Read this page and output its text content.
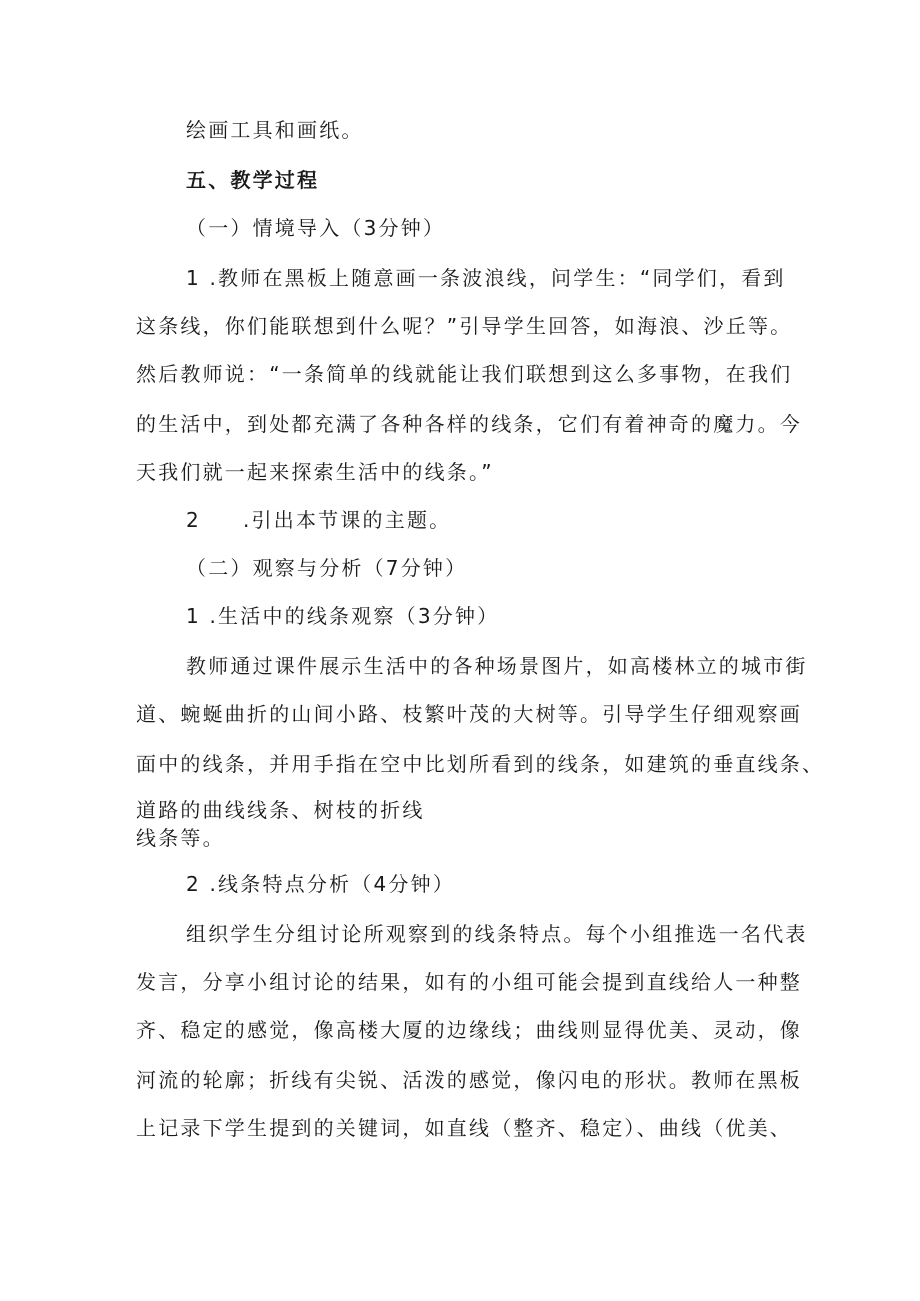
绘画工具和画纸。
五、教学过程
（一）情境导入（3分钟）
1 .教师在黑板上随意画一条波浪线，问学生：“同学们，看到
这条线，你们能联想到什么呢？”引导学生回答，如海浪、沙丘等。
然后教师说：“一条简单的线就能让我们联想到这么多事物，在我们
的生活中，到处都充满了各种各样的线条，它们有着神奇的魔力。今
天我们就一起来探索生活中的线条。”
2 .引出本节课的主题。
（二）观察与分析（7分钟）
1 .生活中的线条观察（3分钟）
教师通过课件展示生活中的各种场景图片，如高楼林立的城市街
道、蜿蜒曲折的山间小路、枝繁叶茂的大树等。引导学生仔细观察画
面中的线条，并用手指在空中比划所看到的线条，如建筑的垂直线条、
道路的曲线线条、树枝的折线
线条等。
2 .线条特点分析（4分钟）
组织学生分组讨论所观察到的线条特点。每个小组推选一名代表
发言，分享小组讨论的结果，如有的小组可能会提到直线给人一种整
齐、稳定的感觉，像高楼大厦的边缘线；曲线则显得优美、灵动，像
河流的轮廓；折线有尖锐、活泼的感觉，像闪电的形状。教师在黑板
上记录下学生提到的关键词，如直线（整齐、稳定）、曲线（优美、
